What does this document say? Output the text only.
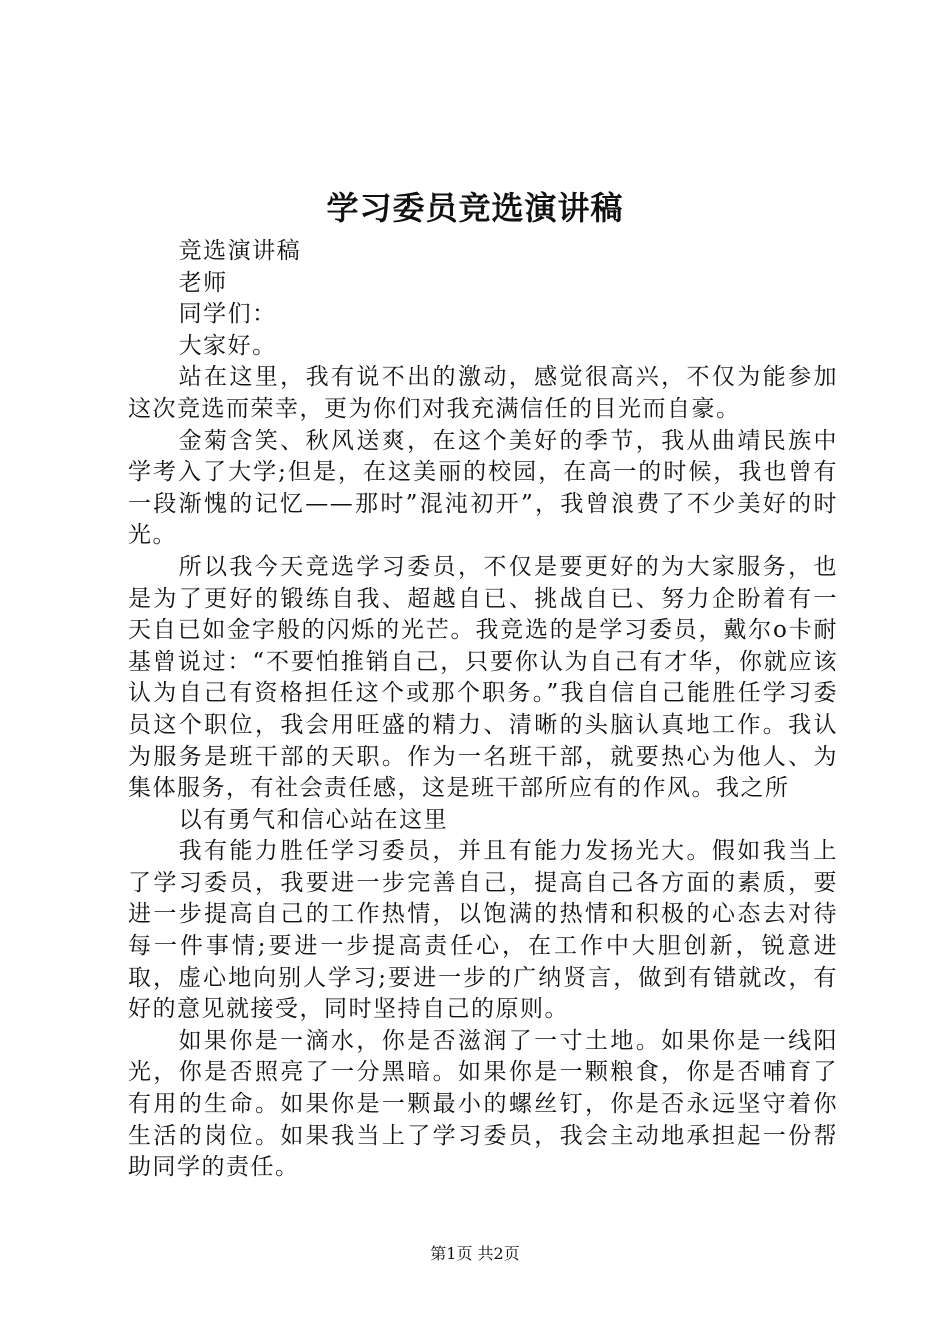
学习委员竞选演讲稿

竞选演讲稿

老师

同学们：

大家好。

站在这里，我有说不出的激动，感觉很高兴，不仅为能参加这次竞选而荣幸，更为你们对我充满信任的目光而自豪。

金菊含笑、秋风送爽，在这个美好的季节，我从曲靖民族中学考入了大学;但是，在这美丽的校园，在高一的时候，我也曾有一段渐愧的记忆——那时”混沌初开”，我曾浪费了不少美好的时光。

所以我今天竞选学习委员，不仅是要更好的为大家服务，也是为了更好的锻练自我、超越自已、挑战自已、努力企盼着有一天自已如金字般的闪烁的光芒。我竞选的是学习委员，戴尔o卡耐基曾说过：“不要怕推销自己，只要你认为自己有才华，你就应该认为自己有资格担任这个或那个职务。”我自信自己能胜任学习委员这个职位，我会用旺盛的精力、清晰的头脑认真地工作。我认为服务是班干部的天职。作为一名班干部，就要热心为他人、为集体服务，有社会责任感，这是班干部所应有的作风。我之所

以有勇气和信心站在这里

我有能力胜任学习委员，并且有能力发扬光大。假如我当上了学习委员，我要进一步完善自己，提高自己各方面的素质，要进一步提高自己的工作热情，以饱满的热情和积极的心态去对待每一件事情;要进一步提高责任心，在工作中大胆创新，锐意进取，虚心地向别人学习;要进一步的广纳贤言，做到有错就改，有好的意见就接受，同时坚持自己的原则。

如果你是一滴水，你是否滋润了一寸土地。如果你是一线阳光，你是否照亮了一分黑暗。如果你是一颗粮食，你是否哺育了有用的生命。如果你是一颗最小的螺丝钉，你是否永远坚守着你生活的岗位。如果我当上了学习委员，我会主动地承担起一份帮助同学的责任。

第1页 共2页
